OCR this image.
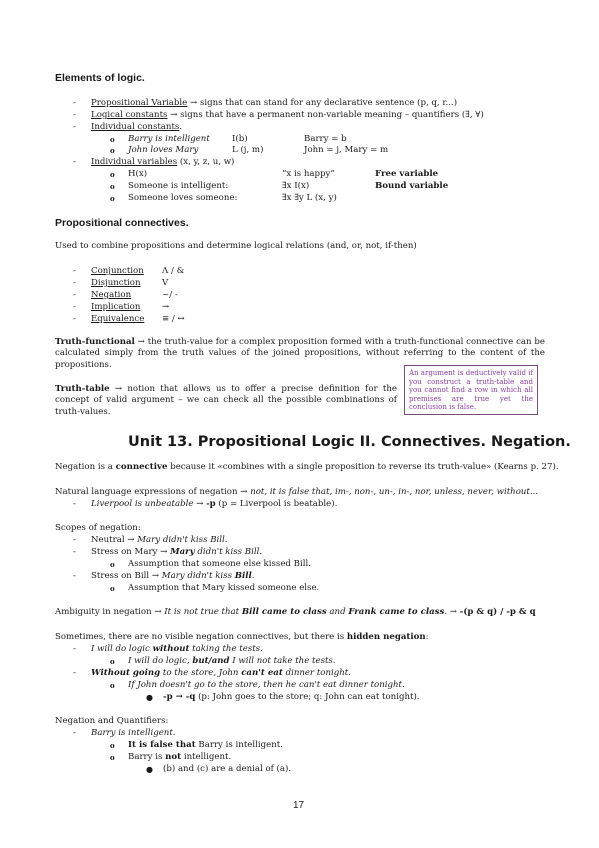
Elements of logic.
- Propositional Variable → signs that can stand for any declarative sentence (p, q, r...)
- Logical constants → signs that have a permanent non-variable meaning – quantifiers (∃, ∀)
- Individual constants.
o Barry is intelligent	I(b)	Barry = b
o John loves Mary	L (j, m)	John = j, Mary = m
- Individual variables (x, y, z, u, w)
o H(x)	“x is happy”	Free variable
o Someone is intelligent:	∃x I(x)	Bound variable
o Someone loves someone:	∃x ∃y L (x, y)
Propositional connectives.
Used to combine propositions and determine logical relations (and, or, not, if-then)
- Conjunction Λ / &
- Disjunction V
- Negation	~/ -
- Implication	→
- Equivalence ≡ / ↔
Truth-functional → the truth-value for a complex proposition formed with a truth-functional connective can be calculated simply from the truth values of the joined propositions, without referring to the content of the propositions.
Truth-table → notion that allows us to offer a precise definition for the concept of valid argument – we can check all the possible combinations of truth-values.
An argument is deductively valid if you construct a truth-table and you cannot find a row in which all premises are true yet the conclusion is false.
Unit 13. Propositional Logic II. Connectives. Negation.
Negation is a connective because it «combines with a single proposition to reverse its truth-value» (Kearns p. 27).
Natural language expressions of negation → not, it is false that, im-, non-, un-, in-, nor, unless, never, without...
- Liverpool is unbeatable → -p (p = Liverpool is beatable).
Scopes of negation:
- Neutral → Mary didn't kiss Bill.
- Stress on Mary → Mary didn't kiss Bill.
o Assumption that someone else kissed Bill.
- Stress on Bill → Mary didn't kiss Bill.
o Assumption that Mary kissed someone else.
Ambiguity in negation → It is not true that Bill came to class and Frank came to class. → -(p & q) / -p & q
Sometimes, there are no visible negation connectives, but there is hidden negation:
- I will do logic without taking the tests.
o I will do logic, but/and I will not take the tests.
- Without going to the store, John can't eat dinner tonight.
o If John doesn't go to the store, then he can't eat dinner tonight.
● -p → -q (p: John goes to the store; q: John can eat tonight).
Negation and Quantifiers:
- Barry is intelligent.
o It is false that Barry is intelligent.
o Barry is not intelligent.
● (b) and (c) are a denial of (a).
17
